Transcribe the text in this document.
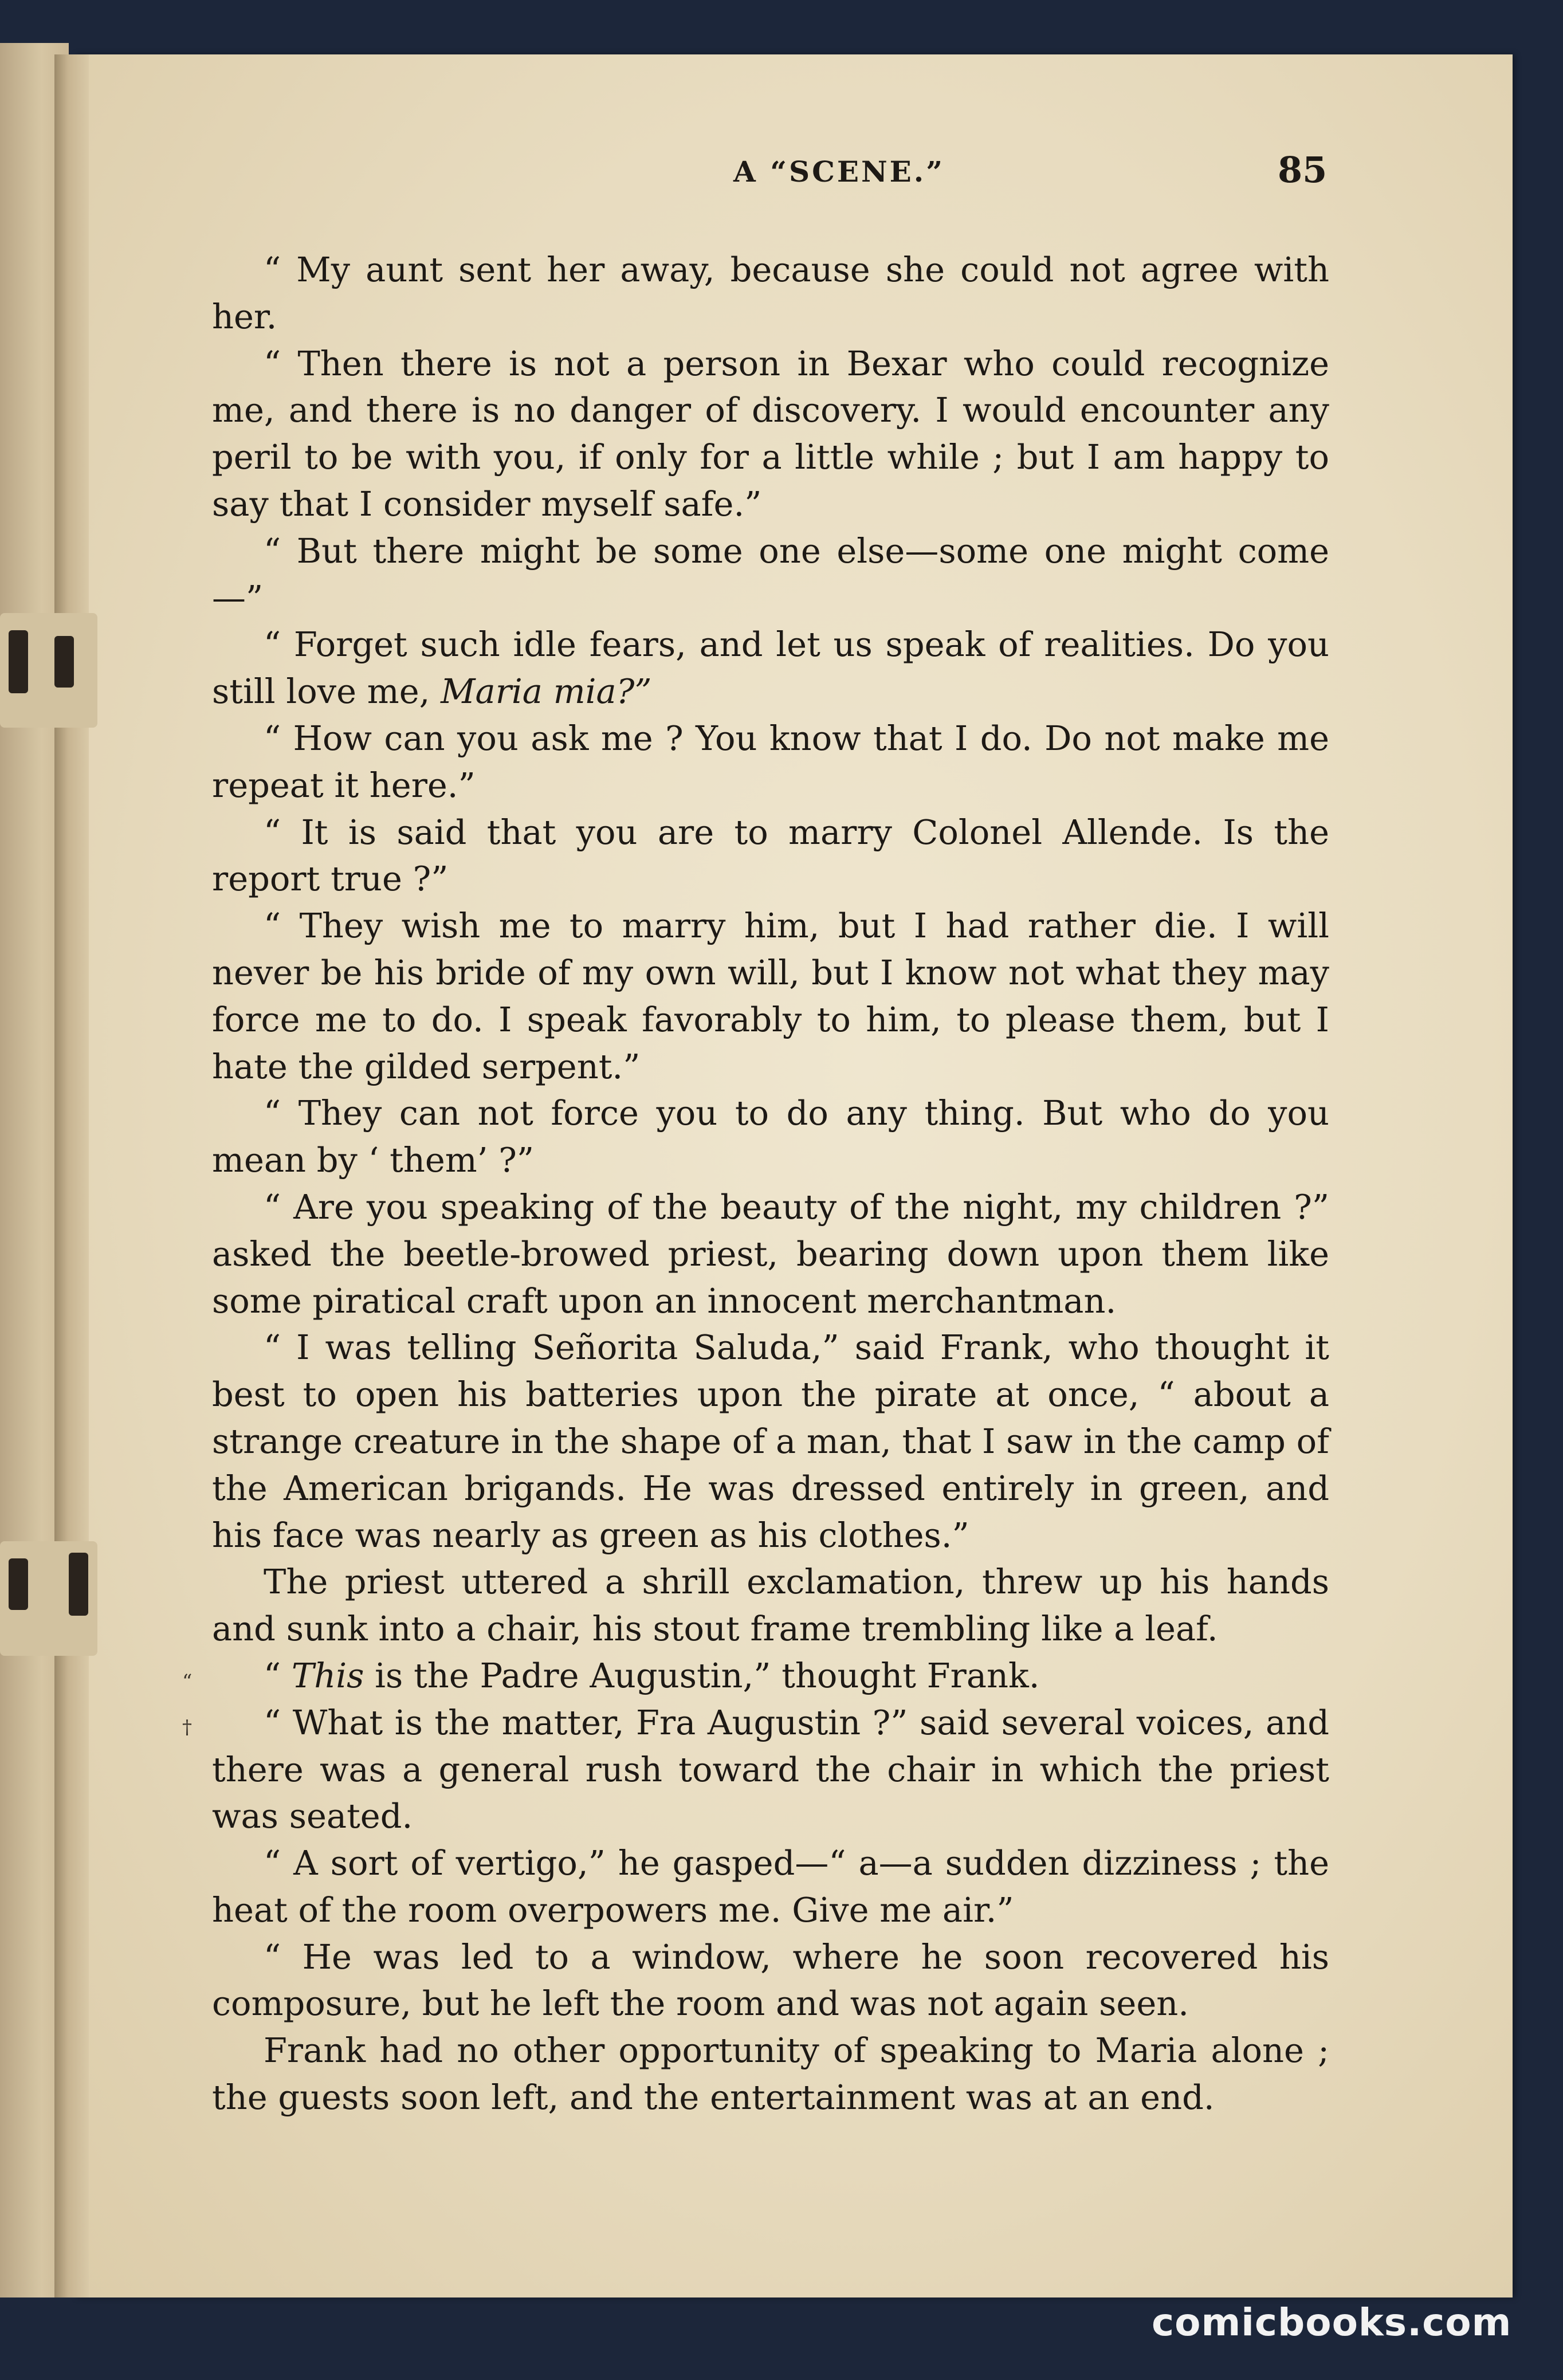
A “SCENE.”	85

“ My aunt sent her away, because she could not agree with her.

“ Then there is not a person in Bexar who could recognize me, and there is no danger of discovery. I would encounter any peril to be with you, if only for a little while ; but I am happy to say that I consider myself safe.”

“ But there might be some one else—some one might come—”

“ Forget such idle fears, and let us speak of realities. Do you still love me, Maria mia?”

“ How can you ask me ? You know that I do. Do not make me repeat it here.”

“ It is said that you are to marry Colonel Allende. Is the report true ?”

“ They wish me to marry him, but I had rather die. I will never be his bride of my own will, but I know not what they may force me to do. I speak favorably to him, to please them, but I hate the gilded serpent.”

“ They can not force you to do any thing. But who do you mean by ‘ them’ ?”

“ Are you speaking of the beauty of the night, my children ?” asked the beetle-browed priest, bearing down upon them like some piratical craft upon an innocent merchantman.

“ I was telling Señorita Saluda,” said Frank, who thought it best to open his batteries upon the pirate at once, “ about a strange creature in the shape of a man, that I saw in the camp of the American brigands. He was dressed entirely in green, and his face was nearly as green as his clothes.”

The priest uttered a shrill exclamation, threw up his hands and sunk into a chair, his stout frame trembling like a leaf.

“ This is the Padre Augustin,” thought Frank.

“ What is the matter, Fra Augustin ?” said several voices, and there was a general rush toward the chair in which the priest was seated.

“ A sort of vertigo,” he gasped—“ a—a sudden dizziness ; the heat of the room overpowers me. Give me air.”

“ He was led to a window, where he soon recovered his composure, but he left the room and was not again seen.

Frank had no other opportunity of speaking to Maria alone ; the guests soon left, and the entertainment was at an end.

“
†
comicbooks.com
